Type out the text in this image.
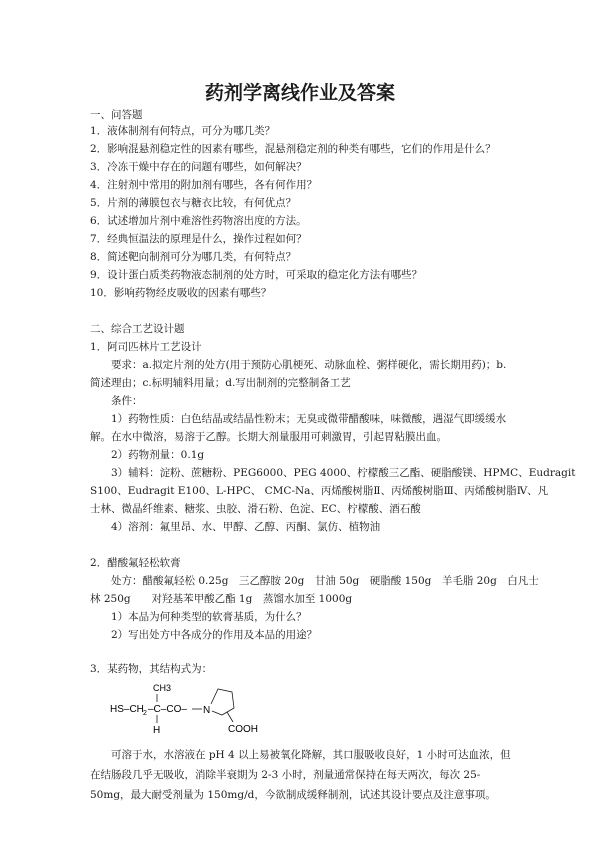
药剂学离线作业及答案
一、问答题
1．液体制剂有何特点，可分为哪几类？
2．影响混悬剂稳定性的因素有哪些，混悬剂稳定剂的种类有哪些，它们的作用是什么？
3．冷冻干燥中存在的问题有哪些，如何解决？
4．注射剂中常用的附加剂有哪些，各有何作用？
5．片剂的薄膜包衣与糖衣比较，有何优点？
6．试述增加片剂中难溶性药物溶出度的方法。
7．经典恒温法的原理是什么，操作过程如何？
8．简述靶向制剂可分为哪几类，有何特点？
9．设计蛋白质类药物液态制剂的处方时，可采取的稳定化方法有哪些？
10．影响药物经皮吸收的因素有哪些？
二、综合工艺设计题
1．阿司匹林片工艺设计
要求：a.拟定片剂的处方(用于预防心肌梗死、动脉血栓、粥样硬化，需长期用药)；b.
简述理由；c.标明辅料用量；d.写出制剂的完整制备工艺
条件：
1）药物性质：白色结晶或结晶性粉末；无臭或微带醋酸味，味微酸，遇湿气即缓缓水
解。在水中微溶，易溶于乙醇。长期大剂量服用可刺激胃，引起胃粘膜出血。
2）药物剂量：0.1g
3）辅料：淀粉、蔗糖粉、PEG6000、PEG 4000、柠檬酸三乙酯、硬脂酸镁、HPMC、Eudragit
S100、Eudragit E100、L-HPC、 CMC-Na、丙烯酸树脂Ⅱ、丙烯酸树脂Ⅲ、丙烯酸树脂Ⅳ、凡
士林、微晶纤维素、糖浆、虫胶、滑石粉、色淀、EC、柠檬酸、酒石酸
4）溶剂：氟里昂、水、甲醇、乙醇、丙酮、氯仿、植物油
2．醋酸氟轻松软膏
处方：醋酸氟轻松 0.25g　三乙醇胺 20g　甘油 50g　硬脂酸 150g　羊毛脂 20g　白凡士
林 250g　　对羟基苯甲酸乙酯 1g　蒸馏水加至 1000g
1）本品为何种类型的软膏基质，为什么？
2）写出处方中各成分的作用及本品的用途？
3．某药物，其结构式为：
CH3
HS–CH 2 –C–CO–
H
N
COOH
可溶于水，水溶液在 pH 4 以上易被氧化降解，其口服吸收良好，1 小时可达血浓，但在结肠段几乎无吸收，消除半衰期为 2-3 小时，剂量通常保持在每天两次，每次 25-50mg，最大耐受剂量为 150mg/d，今欲制成缓释制剂，试述其设计要点及注意事项。
